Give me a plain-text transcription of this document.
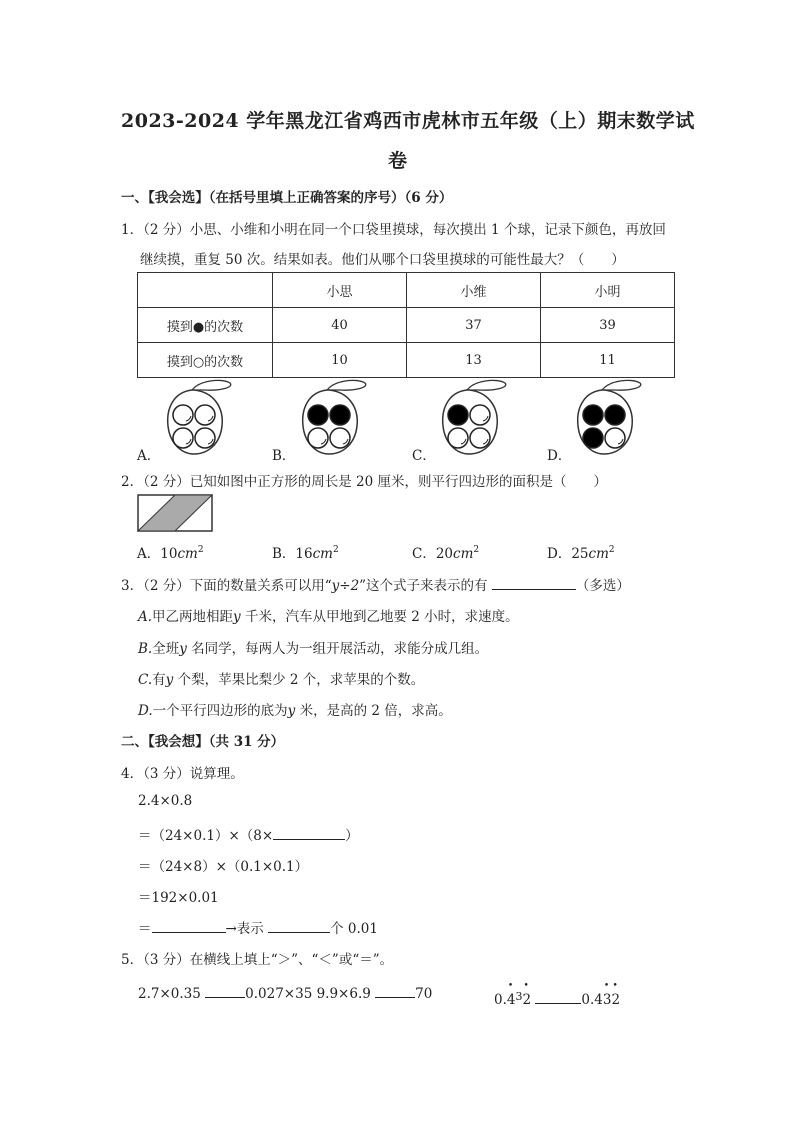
2023-2024 学年黑龙江省鸡西市虎林市五年级（上）期末数学试
卷
一、【我会选】（在括号里填上正确答案的序号）（6 分）
1．（2 分）小思、小维和小明在同一个口袋里摸球，每次摸出 1 个球，记录下颜色，再放回
继续摸，重复 50 次。结果如表。他们从哪个口袋里摸球的可能性最大？（　　）
	小思	小维	小明
摸到●的次数	40	37	39
摸到○的次数	10	13	11
A．	B．	C．	D．
2．（2 分）已知如图中正方形的周长是 20 厘米，则平行四边形的面积是（　　）
A．$10cm^2$	B．$16cm^2$	C．$20cm^2$	D．$25cm^2$
3．（2 分）下面的数量关系可以用“y÷2”这个式子来表示的有	（多选）
A.甲乙两地相距y 千米，汽车从甲地到乙地要 2 小时，求速度。
B.全班y 名同学，每两人为一组开展活动，求能分成几组。
C.有y 个梨，苹果比梨少 2 个，求苹果的个数。
D.一个平行四边形的底为y 米，是高的 2 倍，求高。
二、【我会想】（共 31 分）
4．（3 分）说算理。
2.4×0.8
＝（24×0.1）×（8×	）
＝（24×8）×（0.1×0.1）
＝192×0.01
＝	→表示	个 0.01
5．（3 分）在横线上填上“＞”、“＜”或“＝”。
2.7×0.35	0.027×35 9.9×6.9	70	0.• $4^3•$ 2	0.4• 3• 2
